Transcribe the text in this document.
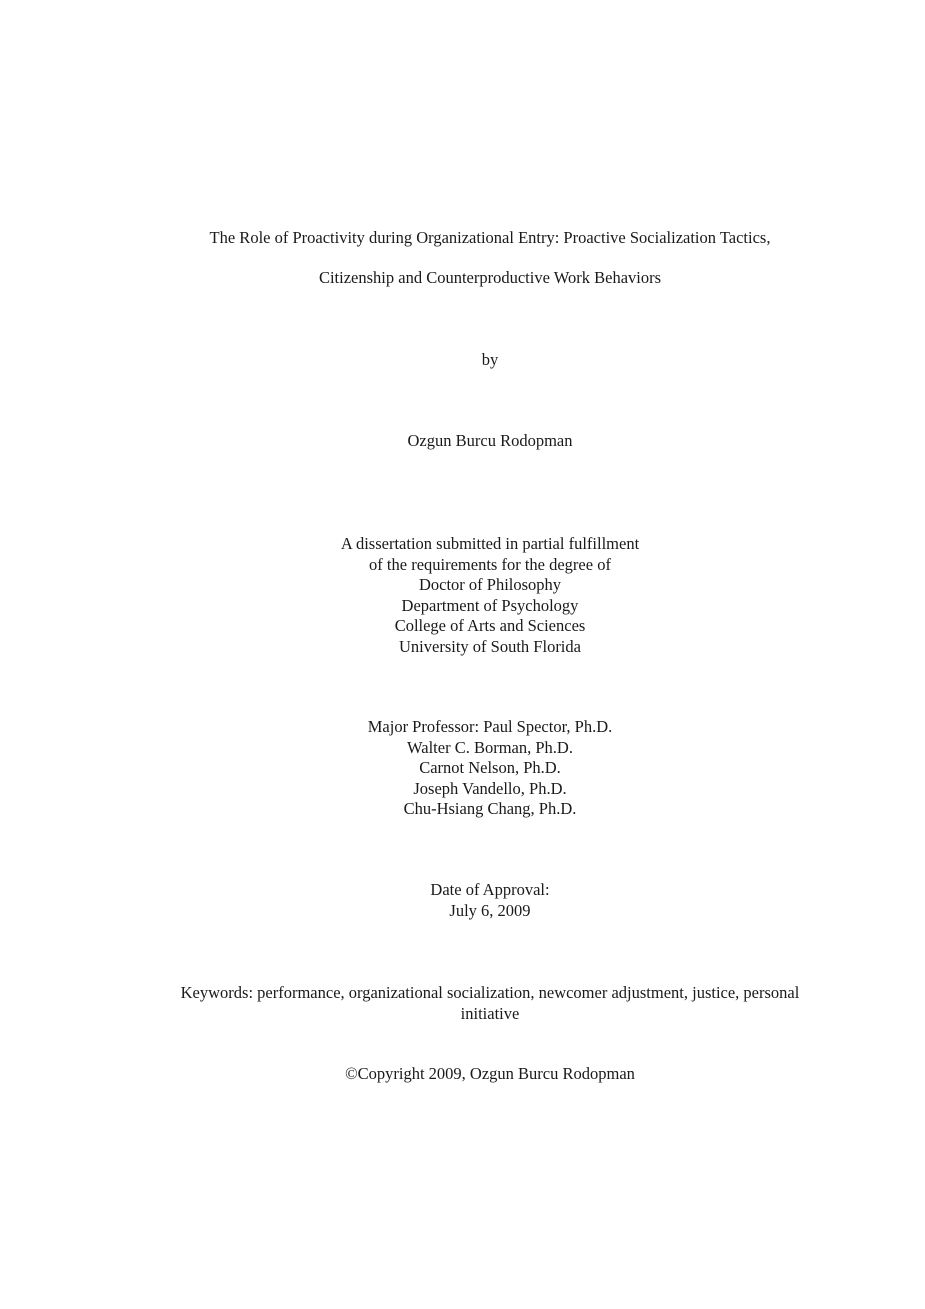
The Role of Proactivity during Organizational Entry: Proactive Socialization Tactics,
Citizenship and Counterproductive Work Behaviors
by
Ozgun Burcu Rodopman
A dissertation submitted in partial fulfillment
of the requirements for the degree of
Doctor of Philosophy
Department of Psychology
College of Arts and Sciences
University of South Florida
Major Professor: Paul Spector, Ph.D.
Walter C. Borman, Ph.D.
Carnot Nelson, Ph.D.
Joseph Vandello, Ph.D.
Chu-Hsiang Chang, Ph.D.
Date of Approval:
July 6, 2009
Keywords: performance, organizational socialization, newcomer adjustment, justice, personal
initiative
©Copyright 2009, Ozgun Burcu Rodopman
